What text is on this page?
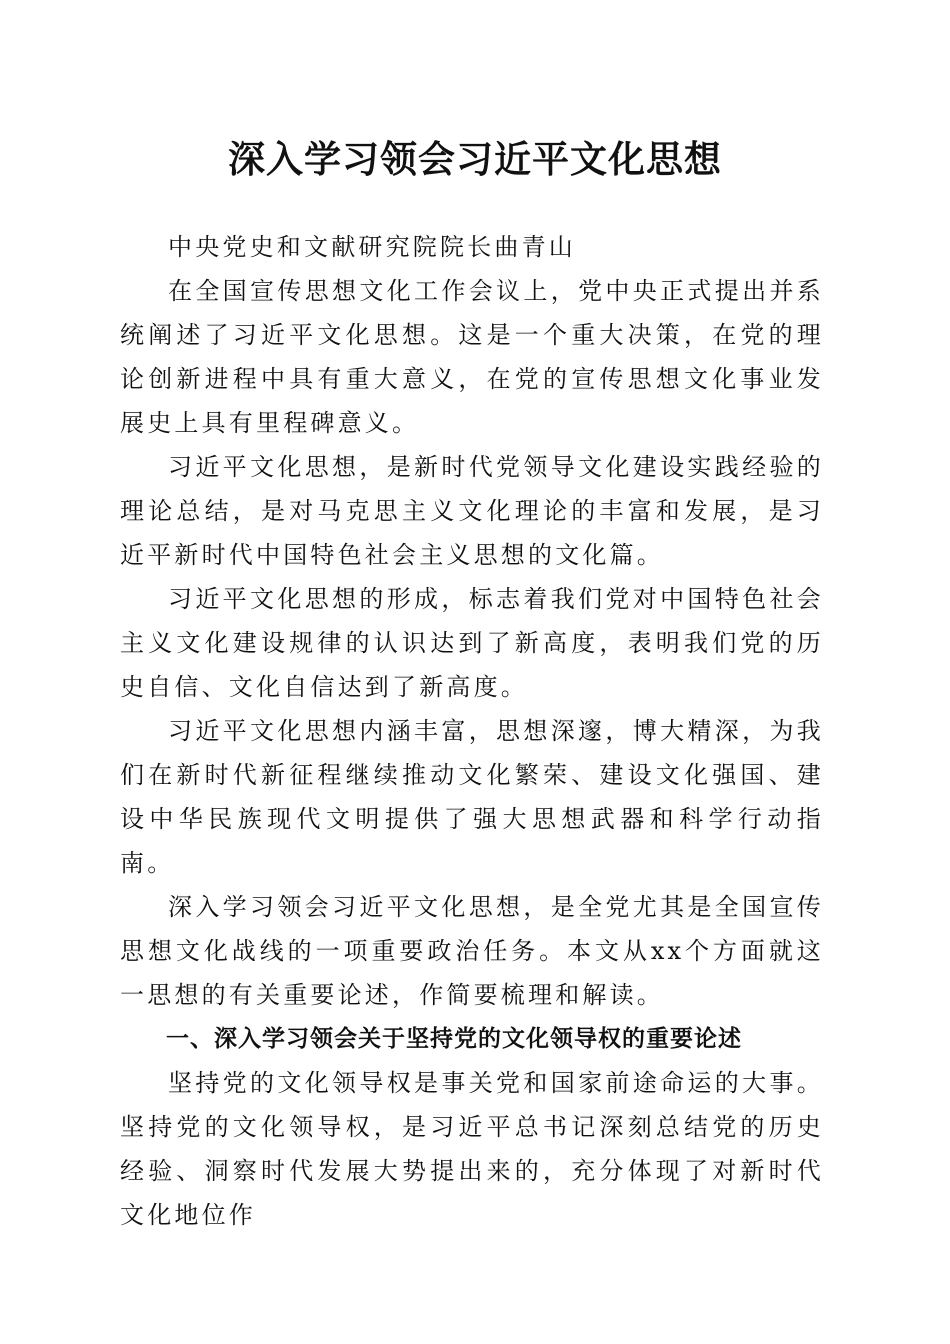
深入学习领会习近平文化思想

中央党史和文献研究院院长曲青山

在全国宣传思想文化工作会议上，党中央正式提出并系统阐述了习近平文化思想。这是一个重大决策，在党的理论创新进程中具有重大意义，在党的宣传思想文化事业发展史上具有里程碑意义。

习近平文化思想，是新时代党领导文化建设实践经验的理论总结，是对马克思主义文化理论的丰富和发展，是习近平新时代中国特色社会主义思想的文化篇。

习近平文化思想的形成，标志着我们党对中国特色社会主义文化建设规律的认识达到了新高度，表明我们党的历史自信、文化自信达到了新高度。

习近平文化思想内涵丰富，思想深邃，博大精深，为我们在新时代新征程继续推动文化繁荣、建设文化强国、建设中华民族现代文明提供了强大思想武器和科学行动指南。

深入学习领会习近平文化思想，是全党尤其是全国宣传思想文化战线的一项重要政治任务。本文从xx个方面就这一思想的有关重要论述，作简要梳理和解读。

一、深入学习领会关于坚持党的文化领导权的重要论述

坚持党的文化领导权是事关党和国家前途命运的大事。坚持党的文化领导权，是习近平总书记深刻总结党的历史经验、洞察时代发展大势提出来的，充分体现了对新时代文化地位作
